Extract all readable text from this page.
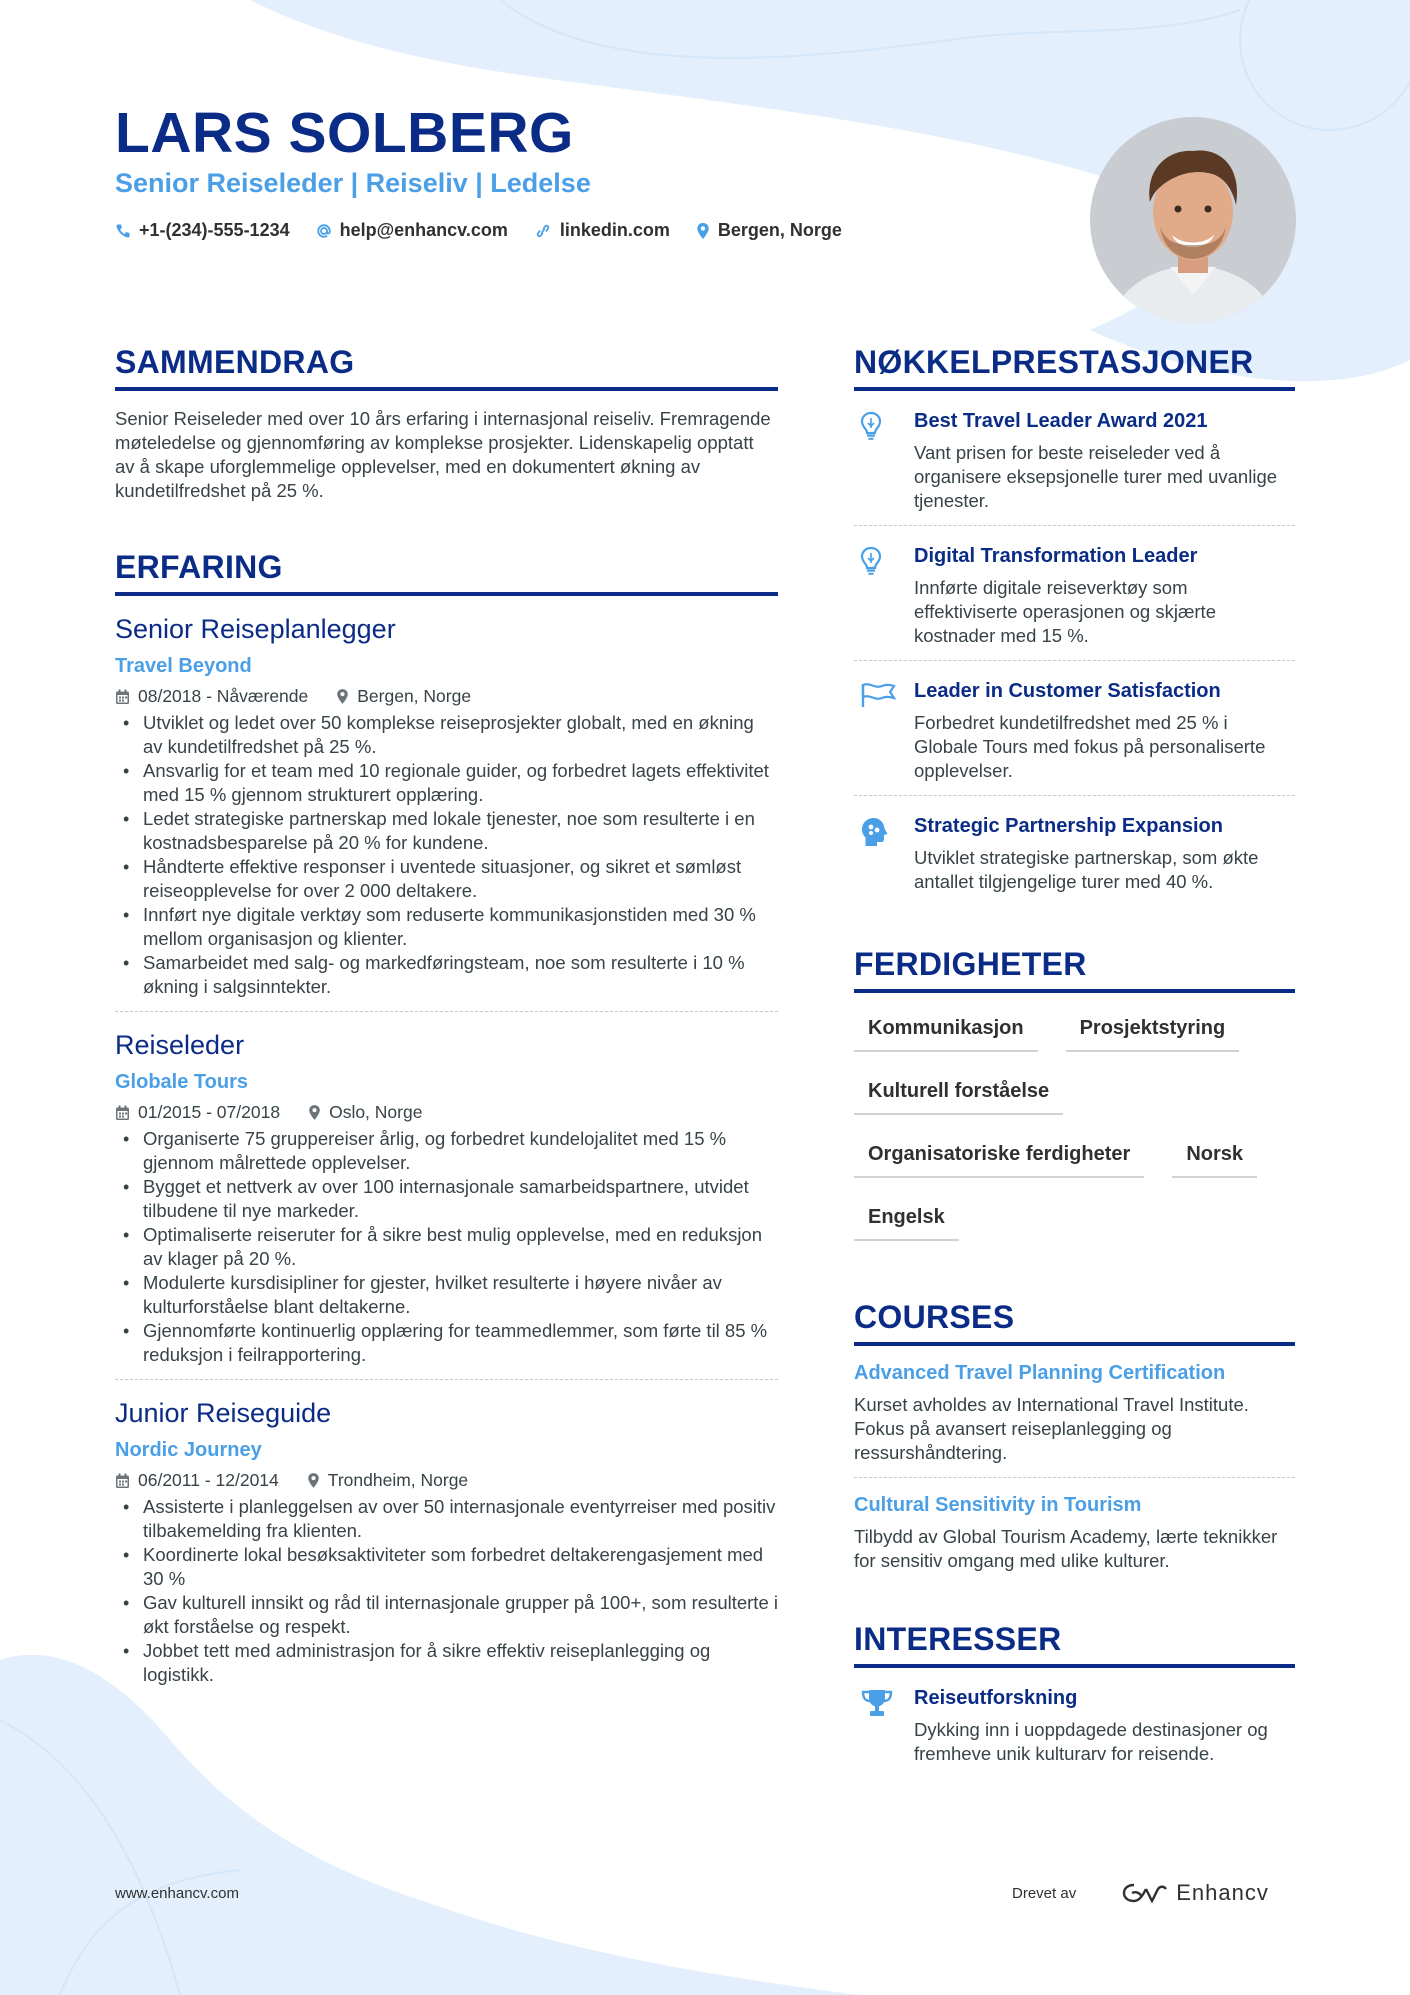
LARS SOLBERG
Senior Reiseleder | Reiseliv | Ledelse
+1-(234)-555-1234	help@enhancv.com	linkedin.com	Bergen, Norge
SAMMENDRAG
Senior Reiseleder med over 10 års erfaring i internasjonal reiseliv. Fremragende møteledelse og gjennomføring av komplekse prosjekter. Lidenskapelig opptatt av å skape uforglemmelige opplevelser, med en dokumentert økning av kundetilfredshet på 25 %.
ERFARING
Senior Reiseplanlegger
Travel Beyond
08/2018 - Nåværende	Bergen, Norge
• Utviklet og ledet over 50 komplekse reiseprosjekter globalt, med en økning av kundetilfredshet på 25 %.
• Ansvarlig for et team med 10 regionale guider, og forbedret lagets effektivitet med 15 % gjennom strukturert opplæring.
• Ledet strategiske partnerskap med lokale tjenester, noe som resulterte i en kostnadsbesparelse på 20 % for kundene.
• Håndterte effektive responser i uventede situasjoner, og sikret et sømløst reiseopplevelse for over 2 000 deltakere.
• Innført nye digitale verktøy som reduserte kommunikasjonstiden med 30 % mellom organisasjon og klienter.
• Samarbeidet med salg- og markedføringsteam, noe som resulterte i 10 % økning i salgsinntekter.
Reiseleder
Globale Tours
01/2015 - 07/2018	Oslo, Norge
• Organiserte 75 gruppereiser årlig, og forbedret kundelojalitet med 15 % gjennom målrettede opplevelser.
• Bygget et nettverk av over 100 internasjonale samarbeidspartnere, utvidet tilbudene til nye markeder.
• Optimaliserte reiseruter for å sikre best mulig opplevelse, med en reduksjon av klager på 20 %.
• Modulerte kursdisipliner for gjester, hvilket resulterte i høyere nivåer av kulturforståelse blant deltakerne.
• Gjennomførte kontinuerlig opplæring for teammedlemmer, som førte til 85 % reduksjon i feilrapportering.
Junior Reiseguide
Nordic Journey
06/2011 - 12/2014	Trondheim, Norge
• Assisterte i planleggelsen av over 50 internasjonale eventyrreiser med positiv tilbakemelding fra klienten.
• Koordinerte lokal besøksaktiviteter som forbedret deltakerengasjement med 30 %
• Gav kulturell innsikt og råd til internasjonale grupper på 100+, som resulterte i økt forståelse og respekt.
• Jobbet tett med administrasjon for å sikre effektiv reiseplanlegging og logistikk.
NØKKELPRESTASJONER
Best Travel Leader Award 2021
Vant prisen for beste reiseleder ved å organisere eksepsjonelle turer med uvanlige tjenester.
Digital Transformation Leader
Innførte digitale reiseverktøy som effektiviserte operasjonen og skjærte kostnader med 15 %.
Leader in Customer Satisfaction
Forbedret kundetilfredshet med 25 % i Globale Tours med fokus på personaliserte opplevelser.
Strategic Partnership Expansion
Utviklet strategiske partnerskap, som økte antallet tilgjengelige turer med 40 %.
FERDIGHETER
Kommunikasjon	Prosjektstyring
Kulturell forståelse
Organisatoriske ferdigheter	Norsk
Engelsk
COURSES
Advanced Travel Planning Certification
Kurset avholdes av International Travel Institute. Fokus på avansert reiseplanlegging og ressurshåndtering.
Cultural Sensitivity in Tourism
Tilbydd av Global Tourism Academy, lærte teknikker for sensitiv omgang med ulike kulturer.
INTERESSER
Reiseutforskning
Dykking inn i uoppdagede destinasjoner og fremheve unik kulturarv for reisende.
www.enhancv.com	Drevet av	Enhancv
